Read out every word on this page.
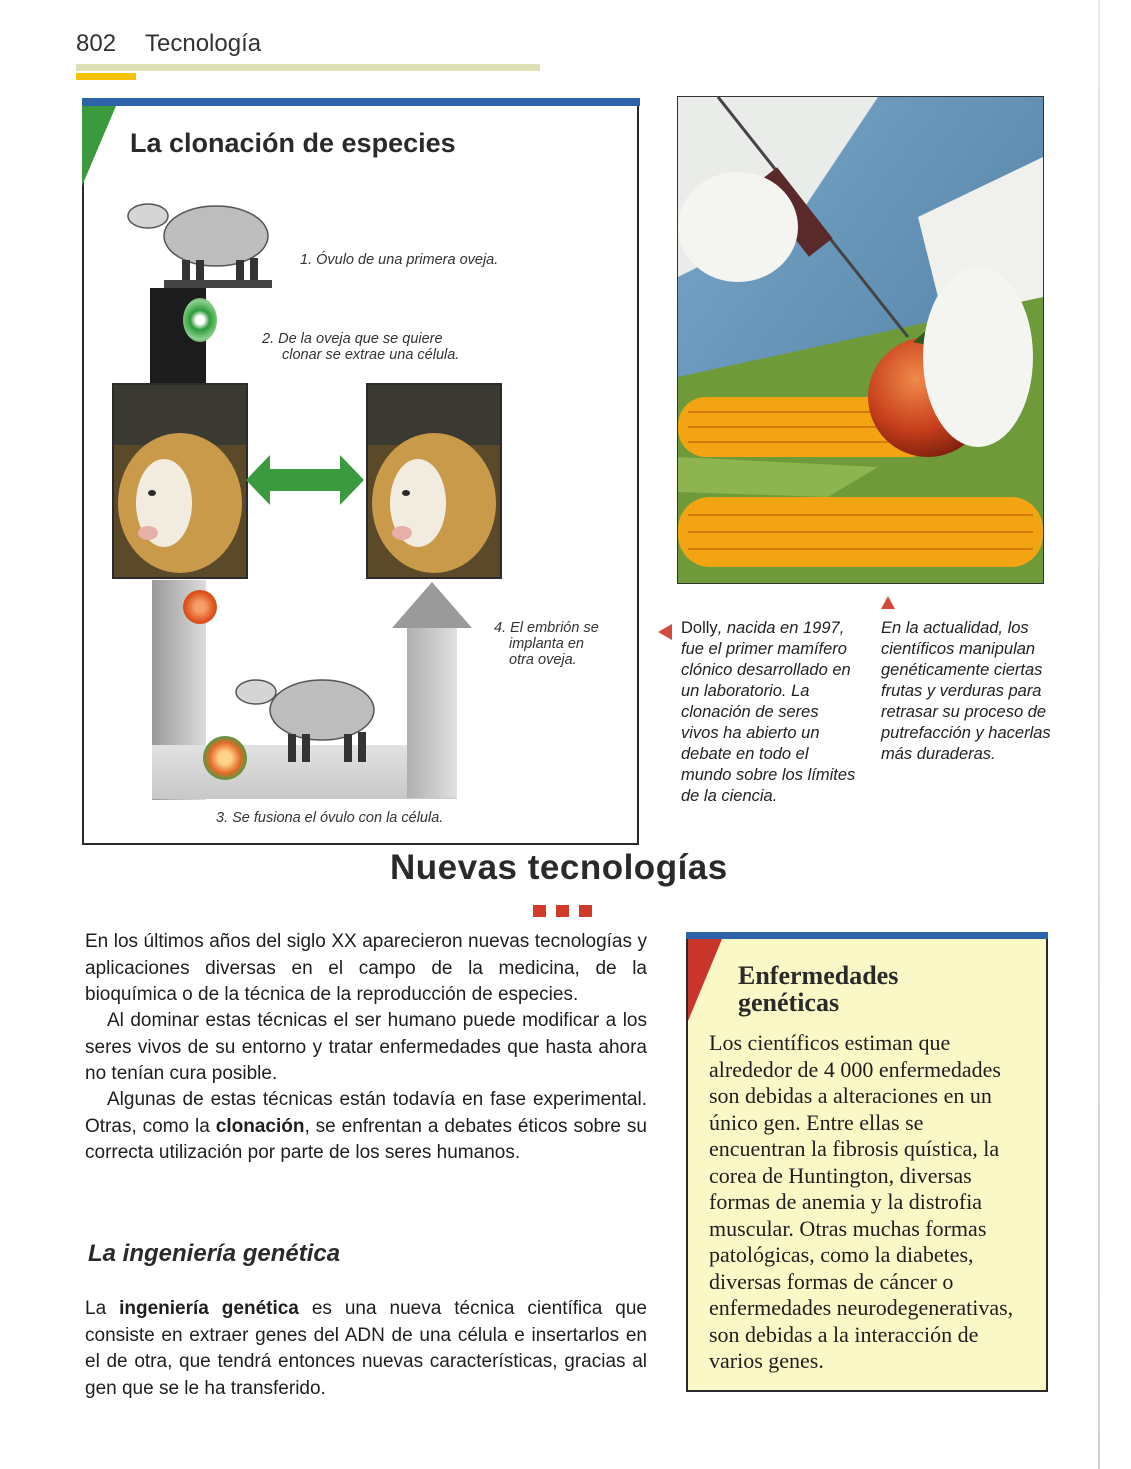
802 Tecnología
La clonación de especies
1. Óvulo de una primera oveja.
2. De la oveja que se quiere
clonar se extrae una célula.
3. Se fusiona el óvulo con la célula.
4. El embrión se
implanta en
otra oveja.
Dolly, nacida en 1997, fue el primer mamífero clónico desarrollado en un laboratorio. La clonación de seres vivos ha abierto un debate en todo el mundo sobre los límites de la ciencia.
En la actualidad, los científicos manipulan genéticamente ciertas frutas y verduras para retrasar su proceso de putrefacción y hacerlas más duraderas.
Nuevas tecnologías
En los últimos años del siglo XX aparecieron nuevas tecnologías y aplicaciones diversas en el campo de la medicina, de la bioquímica o de la técnica de la reproducción de especies.
Al dominar estas técnicas el ser humano puede modificar a los seres vivos de su entorno y tratar enfermedades que hasta ahora no tenían cura posible.
Algunas de estas técnicas están todavía en fase experimental. Otras, como la clonación, se enfrentan a debates éticos sobre su correcta utilización por parte de los seres humanos.
La ingeniería genética
La ingeniería genética es una nueva técnica científica que consiste en extraer genes del ADN de una célula e insertarlos en el de otra, que tendrá entonces nuevas características, gracias al gen que se le ha transferido.
Enfermedades genéticas
Los científicos estiman que alrededor de 4 000 enfermedades son debidas a alteraciones en un único gen. Entre ellas se encuentran la fibrosis quística, la corea de Huntington, diversas formas de anemia y la distrofia muscular. Otras muchas formas patológicas, como la diabetes, diversas formas de cáncer o enfermedades neurodegenerativas, son debidas a la interacción de varios genes.
